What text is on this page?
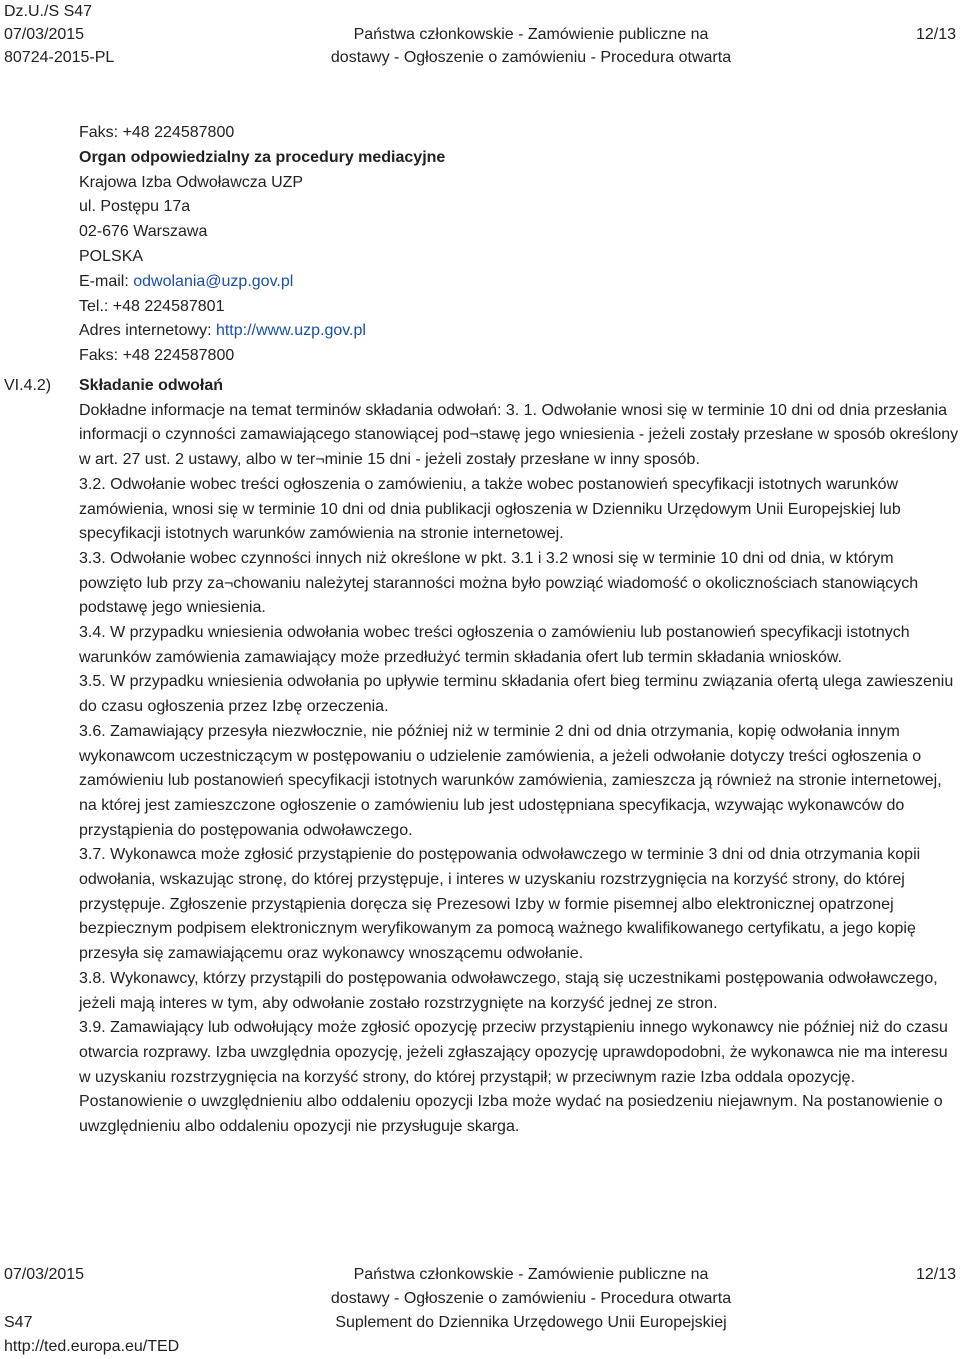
Dz.U./S S47
07/03/2015
80724-2015-PL
Państwa członkowskie - Zamówienie publiczne na
dostawy - Ogłoszenie o zamówieniu - Procedura otwarta
12/13
Faks: +48 224587800
Organ odpowiedzialny za procedury mediacyjne
Krajowa Izba Odwoławcza UZP
ul. Postępu 17a
02-676 Warszawa
POLSKA
E-mail: odwolania@uzp.gov.pl
Tel.: +48 224587801
Adres internetowy: http://www.uzp.gov.pl
Faks: +48 224587800
VI.4.2) Składanie odwołań

Dokładne informacje na temat terminów składania odwołań: 3. 1. Odwołanie wnosi się w terminie 10 dni od dnia przesłania informacji o czynności zamawiającego stanowiącej pod¬stawę jego wniesienia - jeżeli zostały przesłane w sposób określony w art. 27 ust. 2 ustawy, albo w ter¬minie 15 dni - jeżeli zostały przesłane w inny sposób.

3.2. Odwołanie wobec treści ogłoszenia o zamówieniu, a także wobec postanowień specyfikacji istotnych warunków zamówienia, wnosi się w terminie 10 dni od dnia publikacji ogłoszenia w Dzienniku Urzędowym Unii Europejskiej lub specyfikacji istotnych warunków zamówienia na stronie internetowej.

3.3. Odwołanie wobec czynności innych niż określone w pkt. 3.1 i 3.2 wnosi się w terminie 10 dni od dnia, w którym powzięto lub przy za¬chowaniu należytej staranności można było powziąć wiadomość o okolicznościach stanowiących podstawę jego wniesienia.

3.4. W przypadku wniesienia odwołania wobec treści ogłoszenia o zamówieniu lub postanowień specyfikacji istotnych warunków zamówienia zamawiający może przedłużyć termin składania ofert lub termin składania wniosków.

3.5. W przypadku wniesienia odwołania po upływie terminu składania ofert bieg terminu związania ofertą ulega zawieszeniu do czasu ogłoszenia przez Izbę orzeczenia.

3.6. Zamawiający przesyła niezwłocznie, nie później niż w terminie 2 dni od dnia otrzymania, kopię odwołania innym wykonawcom uczestniczącym w postępowaniu o udzielenie zamówienia, a jeżeli odwołanie dotyczy treści ogłoszenia o zamówieniu lub postanowień specyfikacji istotnych warunków zamówienia, zamieszcza ją również na stronie internetowej, na której jest zamieszczone ogłoszenie o zamówieniu lub jest udostępniana specyfikacja, wzywając wykonawców do przystąpienia do postępowania odwoławczego.

3.7. Wykonawca może zgłosić przystąpienie do postępowania odwoławczego w terminie 3 dni od dnia otrzymania kopii odwołania, wskazując stronę, do której przystępuje, i interes w uzyskaniu rozstrzygnięcia na korzyść strony, do której przystępuje. Zgłoszenie przystąpienia doręcza się Prezesowi Izby w formie pisemnej albo elektronicznej opatrzonej bezpiecznym podpisem elektronicznym weryfikowanym za pomocą ważnego kwalifikowanego certyfikatu, a jego kopię przesyła się zamawiającemu oraz wykonawcy wnoszącemu odwołanie.

3.8. Wykonawcy, którzy przystąpili do postępowania odwoławczego, stają się uczestnikami postępowania odwoławczego, jeżeli mają interes w tym, aby odwołanie zostało rozstrzygnięte na korzyść jednej ze stron.

3.9. Zamawiający lub odwołujący może zgłosić opozycję przeciw przystąpieniu innego wykonawcy nie później niż do czasu otwarcia rozprawy. Izba uwzględnia opozycję, jeżeli zgłaszający opozycję uprawdopodobni, że wykonawca nie ma interesu w uzyskaniu rozstrzygnięcia na korzyść strony, do której przystąpił; w przeciwnym razie Izba oddala opozycję. Postanowienie o uwzględnieniu albo oddaleniu opozycji Izba może wydać na posiedzeniu niejawnym. Na postanowienie o uwzględnieniu albo oddaleniu opozycji nie przysługuje skarga.

07/03/2015

S47
http://ted.europa.eu/TED
Państwa członkowskie - Zamówienie publiczne na
dostawy - Ogłoszenie o zamówieniu - Procedura otwarta
Suplement do Dziennika Urzędowego Unii Europejskiej
12/13
